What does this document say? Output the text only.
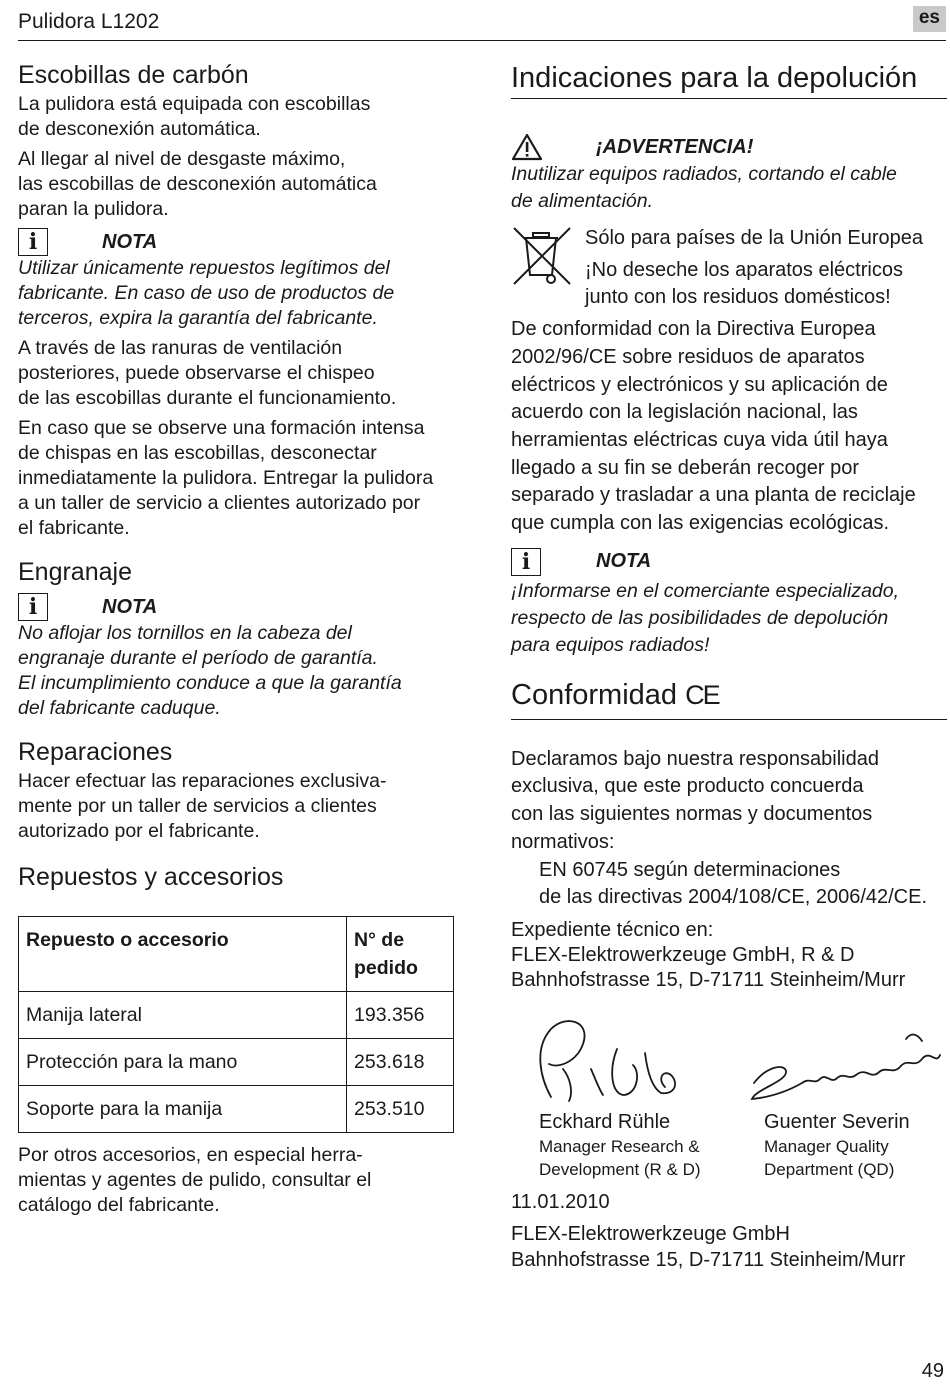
Pulidora L1202	es
Escobillas de carbón

La pulidora está equipada con escobillas
de desconexión automática.

Al llegar al nivel de desgaste máximo,
las escobillas de desconexión automática
paran la pulidora.

i	NOTA

Utilizar únicamente repuestos legítimos del
fabricante. En caso de uso de productos de
terceros, expira la garantía del fabricante.

A través de las ranuras de ventilación
posteriores, puede observarse el chispeo
de las escobillas durante el funcionamiento.

En caso que se observe una formación intensa
de chispas en las escobillas, desconectar
inmediatamente la pulidora. Entregar la pulidora
a un taller de servicio a clientes autorizado por
el fabricante.

Engranaje
i	NOTA

No aflojar los tornillos en la cabeza del
engranaje durante el período de garantía.
El incumplimiento conduce a que la garantía
del fabricante caduque.

Reparaciones

Hacer efectuar las reparaciones exclusiva-
mente por un taller de servicios a clientes
autorizado por el fabricante.

Repuestos y accesorios
Repuesto o accesorio	N° de
pedido
Manija lateral	193.356
Protección para la mano	253.618
Soporte para la manija	253.510

Por otros accesorios, en especial herra-
mientas y agentes de pulido, consultar el
catálogo del fabricante.

Indicaciones para la depolución
¡ADVERTENCIA!

Inutilizar equipos radiados, cortando el cable
de alimentación.

Sólo para países de la Unión Europea

¡No deseche los aparatos eléctricos
junto con los residuos domésticos!

De conformidad con la Directiva Europea
2002/96/CE sobre residuos de aparatos
eléctricos y electrónicos y su aplicación de
acuerdo con la legislación nacional, las
herramientas eléctricas cuya vida útil haya
llegado a su fin se deberán recoger por
separado y trasladar a una planta de reciclaje
que cumpla con las exigencias ecológicas.

i	NOTA

¡Informarse en el comerciante especializado,
respecto de las posibilidades de depolución
para equipos radiados!

Conformidad CE

Declaramos bajo nuestra responsabilidad
exclusiva, que este producto concuerda
con las siguientes normas y documentos
normativos:

EN 60745 según determinaciones
de las directivas 2004/108/CE, 2006/42/CE.

Expediente técnico en:
FLEX-Elektrowerkzeuge GmbH, R & D
Bahnhofstrasse 15, D-71711 Steinheim/Murr

Eckhard Rühle
Manager Research &
Development (R & D)
Guenter Severin
Manager Quality
Department (QD)

11.01.2010

FLEX-Elektrowerkzeuge GmbH
Bahnhofstrasse 15, D-71711 Steinheim/Murr

49
